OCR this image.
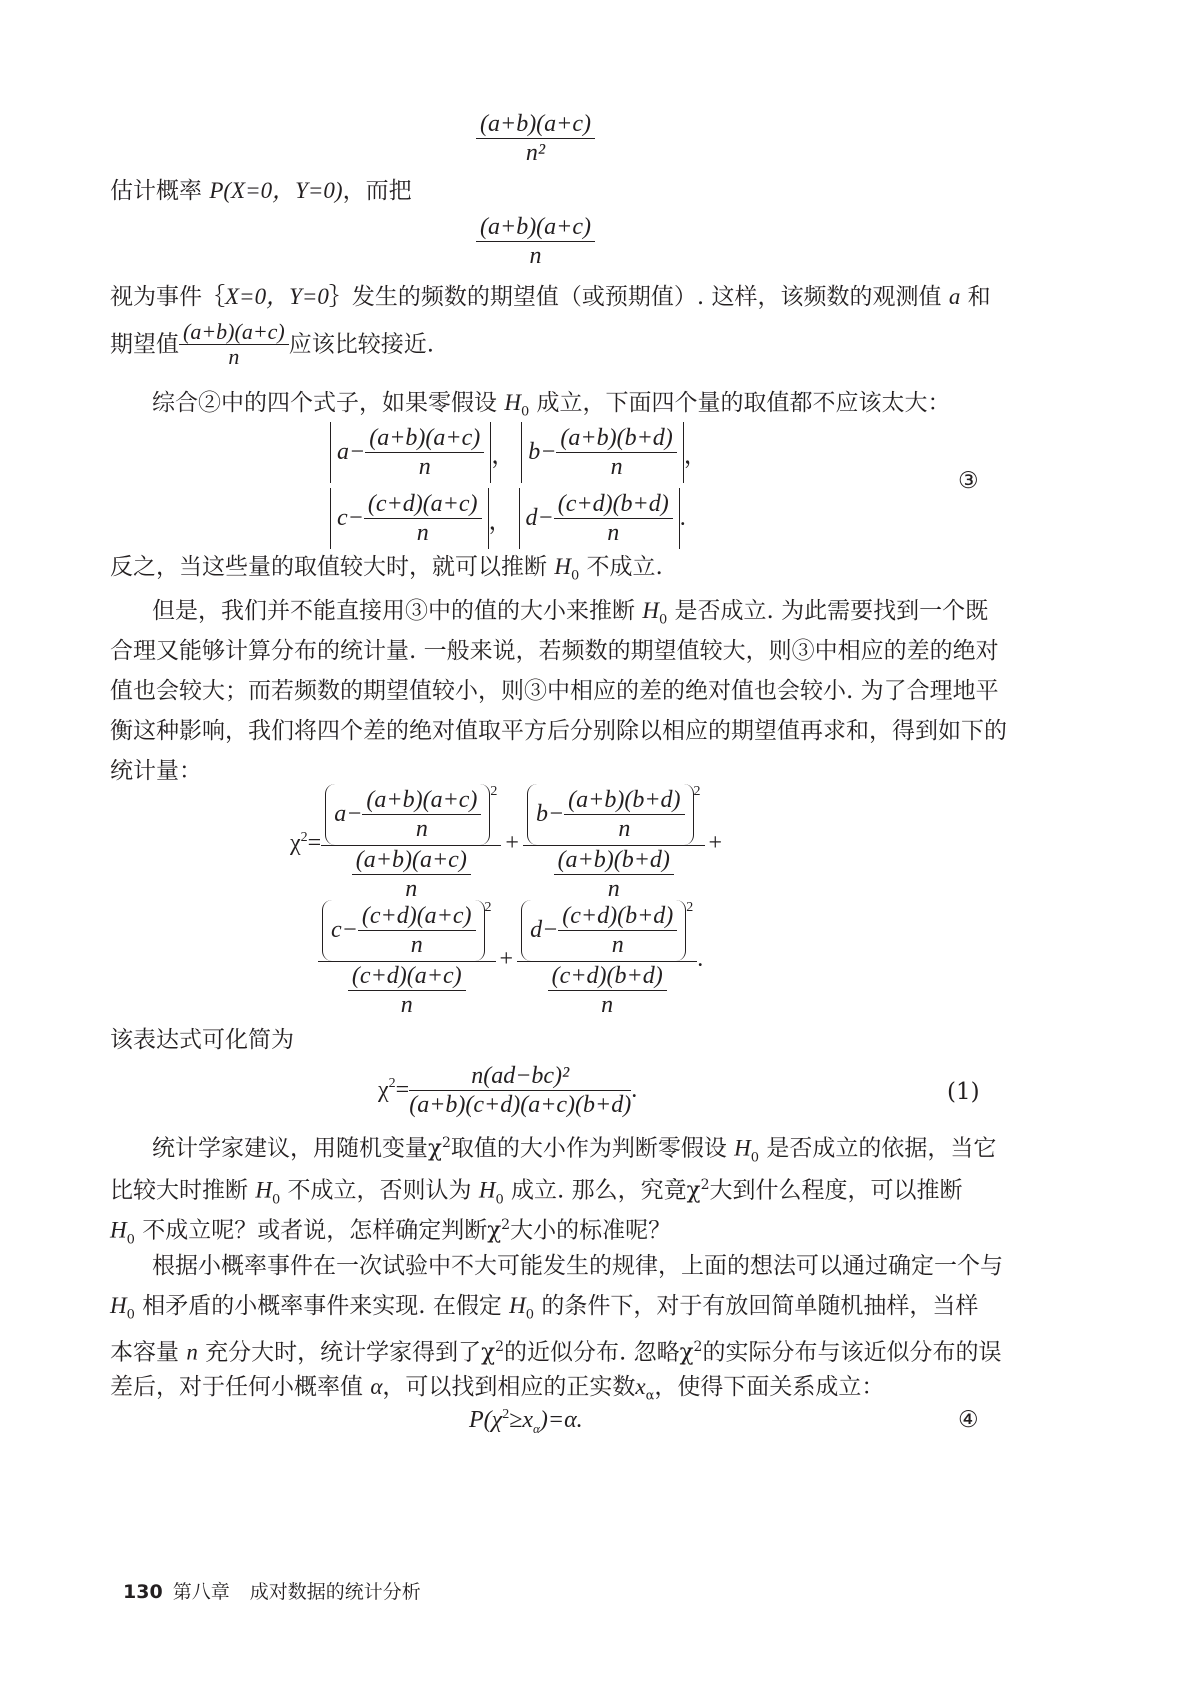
$\frac{(a+b)(a+c)}{\text{n²}}$
估计概率 P(X=0，Y=0)，而把
$\frac{(a+b)(a+c)}{n}$
视为事件｛X=0，Y=0｝发生的频数的期望值（或预期值）. 这样，该频数的观测值 a 和
期望值 $\frac{(a+b)(a+c)}{n}$ 应该比较接近.
综合②中的四个式子，如果零假设 $H_0$ 成立，下面四个量的取值都不应该太大：
$a- \frac{(a+b)(a+c)}{n}$ ， $b- \frac{(a+b)(b+d)}{n}$ ，
$c- \frac{(c+d)(a+c)}{n}$ ， $d- \frac{(c+d)(b+d)}{n}$ .
③
反之，当这些量的取值较大时，就可以推断 $H_0$ 不成立.
但是，我们并不能直接用③中的值的大小来推断 $H_0$ 是否成立. 为此需要找到一个既
合理又能够计算分布的统计量. 一般来说，若频数的期望值较大，则③中相应的差的绝对
值也会较大；而若频数的期望值较小，则③中相应的差的绝对值也会较小. 为了合理地平
衡这种影响，我们将四个差的绝对值取平方后分别除以相应的期望值再求和，得到如下的
统计量：
$\chi^2= \frac{a- \frac{(a+b)(a+c)}{n} ^2}{\frac{(a+b)(a+c)}{n}} + \frac{b- \frac{(a+b)(b+d)}{n} ^2}{\frac{(a+b)(b+d)}{n}}$ +
$\frac{c- \frac{(c+d)(a+c)}{n} ^2}{\frac{(c+d)(a+c)}{n}} + \frac{d- \frac{(c+d)(b+d)}{n} ^2}{\frac{(c+d)(b+d)}{n}}$ .
该表达式可化简为
$\chi^2= \frac{\text{n(ad−bc)²}}{(a+b)(c+d)(a+c)(b+d)}$ .	(1)
统计学家建议，用随机变量$\chi^2$取值的大小作为判断零假设 $H_0$ 是否成立的依据，当它
比较大时推断 $H_0$ 不成立，否则认为 $H_0$ 成立. 那么，究竟$\chi^2$大到什么程度，可以推断
$H_0$ 不成立呢？或者说，怎样确定判断$\chi^2$大小的标准呢？
根据小概率事件在一次试验中不大可能发生的规律，上面的想法可以通过确定一个与
$H_0$ 相矛盾的小概率事件来实现. 在假定 $H_0$ 的条件下，对于有放回简单随机抽样，当样
本容量 n 充分大时，统计学家得到了$\chi^2$的近似分布. 忽略$\chi^2$的实际分布与该近似分布的误
差后，对于任何小概率值 α，可以找到相应的正实数$x_\alpha$，使得下面关系成立：
$P(\chi^2\ge x_\alpha)=\alpha$.	④
130 第八章 成对数据的统计分析
